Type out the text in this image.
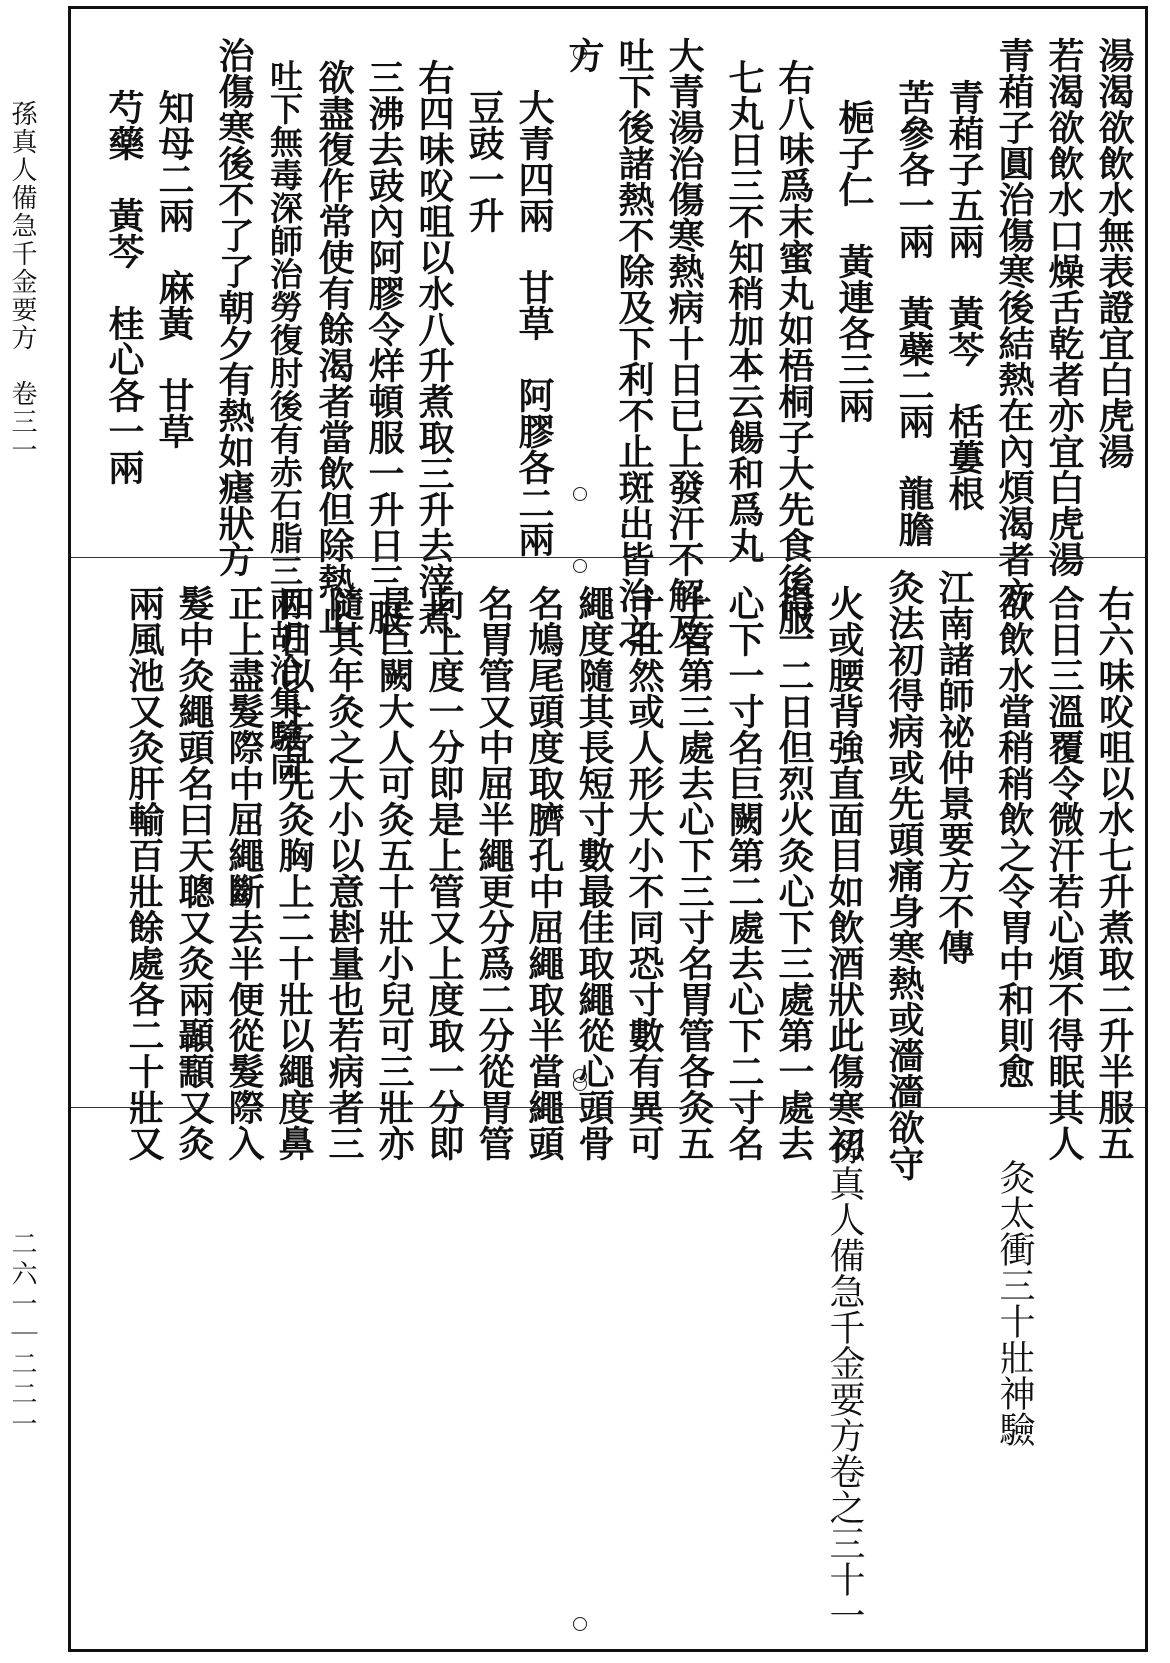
孫真人備急千金要方　卷三一
二六一｜二二一
湯渴欲飲水無表證宜白虎湯
若渴欲飲水口燥舌乾者亦宜白虎湯
青葙子圓治傷寒後結熱在內煩渴者方
青葙子五兩　黃芩　栝蔞根
苦參各一兩　黃蘗二兩　龍膽
梔子仁　黃連各三兩
右八味爲末蜜丸如梧桐子大先食後服
七丸日三不知稍加本云餳和爲丸
大青湯治傷寒熱病十日已上發汗不解及
吐下後諸熱不除及下利不止斑出皆治之
方
大青四兩　甘草　阿膠各二兩
豆豉一升
右四味㕮咀以水八升煮取三升去滓煮
三沸去豉內阿膠令烊頓服一升日三服
欲盡復作常使有餘渴者當飲但除熱止
吐下無毒深師治勞復肘後有赤石脂三兩胡洽集驗同
治傷寒後不了了朝夕有熱如瘧狀方
知母二兩　麻黃　甘草
芍藥　黃芩　桂心各一兩
右六味㕮咀以水七升煮取二升半服五
合日三溫覆令微汗若心煩不得眠其人
欲飲水當稍稍飲之令胃中和則愈
江南諸師祕仲景要方不傳
灸法初得病或先頭痛身寒熱或濇濇欲守
火或腰背強直面目如飲酒狀此傷寒初
得一二日但烈火灸心下三處第一處去
心下一寸名巨闕第二處去心下二寸名
上管第三處去心下三寸名胃管各灸五
十壯然或人形大小不同恐寸數有異可
繩度隨其長短寸數最佳取繩從心頭骨
名鳩尾頭度取臍孔中屈繩取半當繩頭
名胃管又中屈半繩更分爲二分從胃管
向上度一分即是上管又上度取一分即
是巨闕大人可灸五十壯小兒可三壯亦
隨其年灸之大小以意斟量也若病者三
四日以上宜先灸胸上二十壯以繩度鼻
正上盡髮際中屈繩斷去半便從髮際入
髮中灸繩頭名曰天聰又灸兩顳顬又灸
兩風池又灸肝輸百壯餘處各二十壯又
灸太衝三十壯神驗
孫真人備急千金要方卷之三十一
